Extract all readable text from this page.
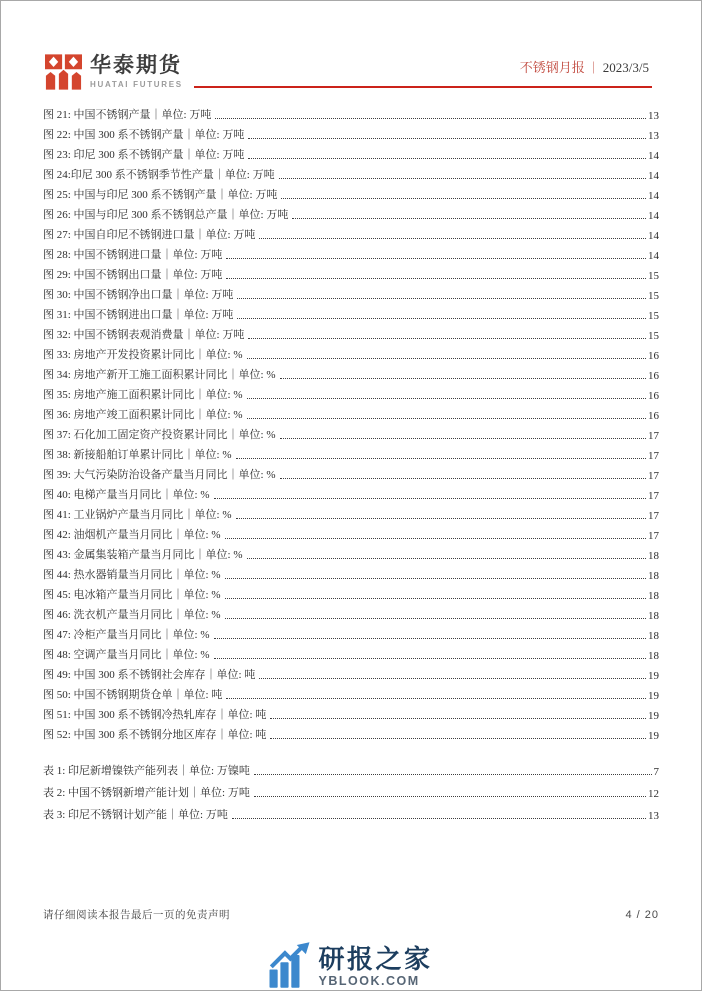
华泰期货
HUATAI FUTURES
不锈钢月报 ｜ 2023/3/5
图 21: 中国不锈钢产量｜单位: 万吨	13
图 22: 中国 300 系不锈钢产量｜单位: 万吨	13
图 23: 印尼 300 系不锈钢产量｜单位: 万吨	14
图 24:印尼 300 系不锈钢季节性产量｜单位: 万吨	14
图 25: 中国与印尼 300 系不锈钢产量｜单位: 万吨	14
图 26: 中国与印尼 300 系不锈钢总产量｜单位: 万吨	14
图 27: 中国自印尼不锈钢进口量｜单位: 万吨	14
图 28: 中国不锈钢进口量｜单位: 万吨	14
图 29: 中国不锈钢出口量｜单位: 万吨	15
图 30: 中国不锈钢净出口量｜单位: 万吨	15
图 31: 中国不锈钢进出口量｜单位: 万吨	15
图 32: 中国不锈钢表观消费量｜单位: 万吨	15
图 33: 房地产开发投资累计同比｜单位: %	16
图 34: 房地产新开工施工面积累计同比｜单位: %	16
图 35: 房地产施工面积累计同比｜单位: %	16
图 36: 房地产竣工面积累计同比｜单位: %	16
图 37: 石化加工固定资产投资累计同比｜单位: %	17
图 38: 新接船舶订单累计同比｜单位: %	17
图 39: 大气污染防治设备产量当月同比｜单位: %	17
图 40: 电梯产量当月同比｜单位: %	17
图 41: 工业锅炉产量当月同比｜单位: %	17
图 42: 油烟机产量当月同比｜单位: %	17
图 43: 金属集装箱产量当月同比｜单位: %	18
图 44: 热水器销量当月同比｜单位: %	18
图 45: 电冰箱产量当月同比｜单位: %	18
图 46: 洗衣机产量当月同比｜单位: %	18
图 47: 冷柜产量当月同比｜单位: %	18
图 48: 空调产量当月同比｜单位: %	18
图 49: 中国 300 系不锈钢社会库存｜单位: 吨	19
图 50: 中国不锈钢期货仓单｜单位: 吨	19
图 51: 中国 300 系不锈钢冷热轧库存｜单位: 吨	19
图 52: 中国 300 系不锈钢分地区库存｜单位: 吨	19
表 1: 印尼新增镍铁产能列表｜单位: 万镍吨	7
表 2: 中国不锈钢新增产能计划｜单位: 万吨	12
表 3: 印尼不锈钢计划产能｜单位: 万吨	13
请仔细阅读本报告最后一页的免责声明	4 / 20
研报之家
YBLOOK.COM
